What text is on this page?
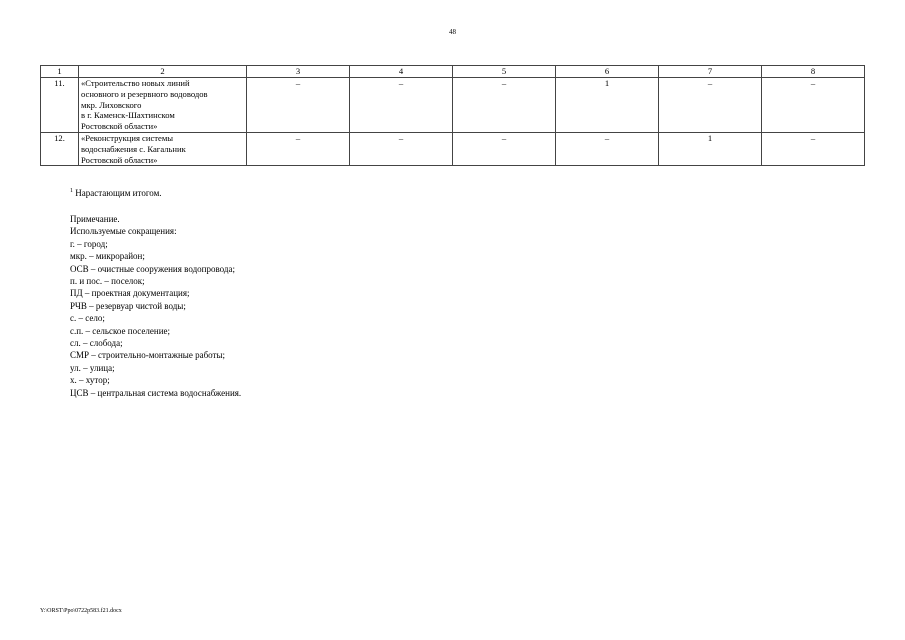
48
1	2	3	4	5	6	7	8
11.	«Строительство новых линий
основного и резервного водоводов
мкр. Лиховского
в г. Каменск-Шахтинском
Ростовской области»	–	–	–	1	–	–
12.	«Реконструкция системы
водоснабжения с. Кагальник
Ростовской области»	–	–	–	–	1	–
$^1$ Нарастающим итогом.
Примечание.
Используемые сокращения:
г. – город;
мкр. – микрорайон;
ОСВ – очистные сооружения водопровода;
п. и пос. – поселок;
ПД – проектная документация;
РЧВ – резервуар чистой воды;
с. – село;
с.п. – сельское поселение;
сл. – слобода;
СМР – строительно-монтажные работы;
ул. – улица;
х. – хутор;
ЦСВ – центральная система водоснабжения.
Y:\ORST\Ppo\0722p583.f21.docx
